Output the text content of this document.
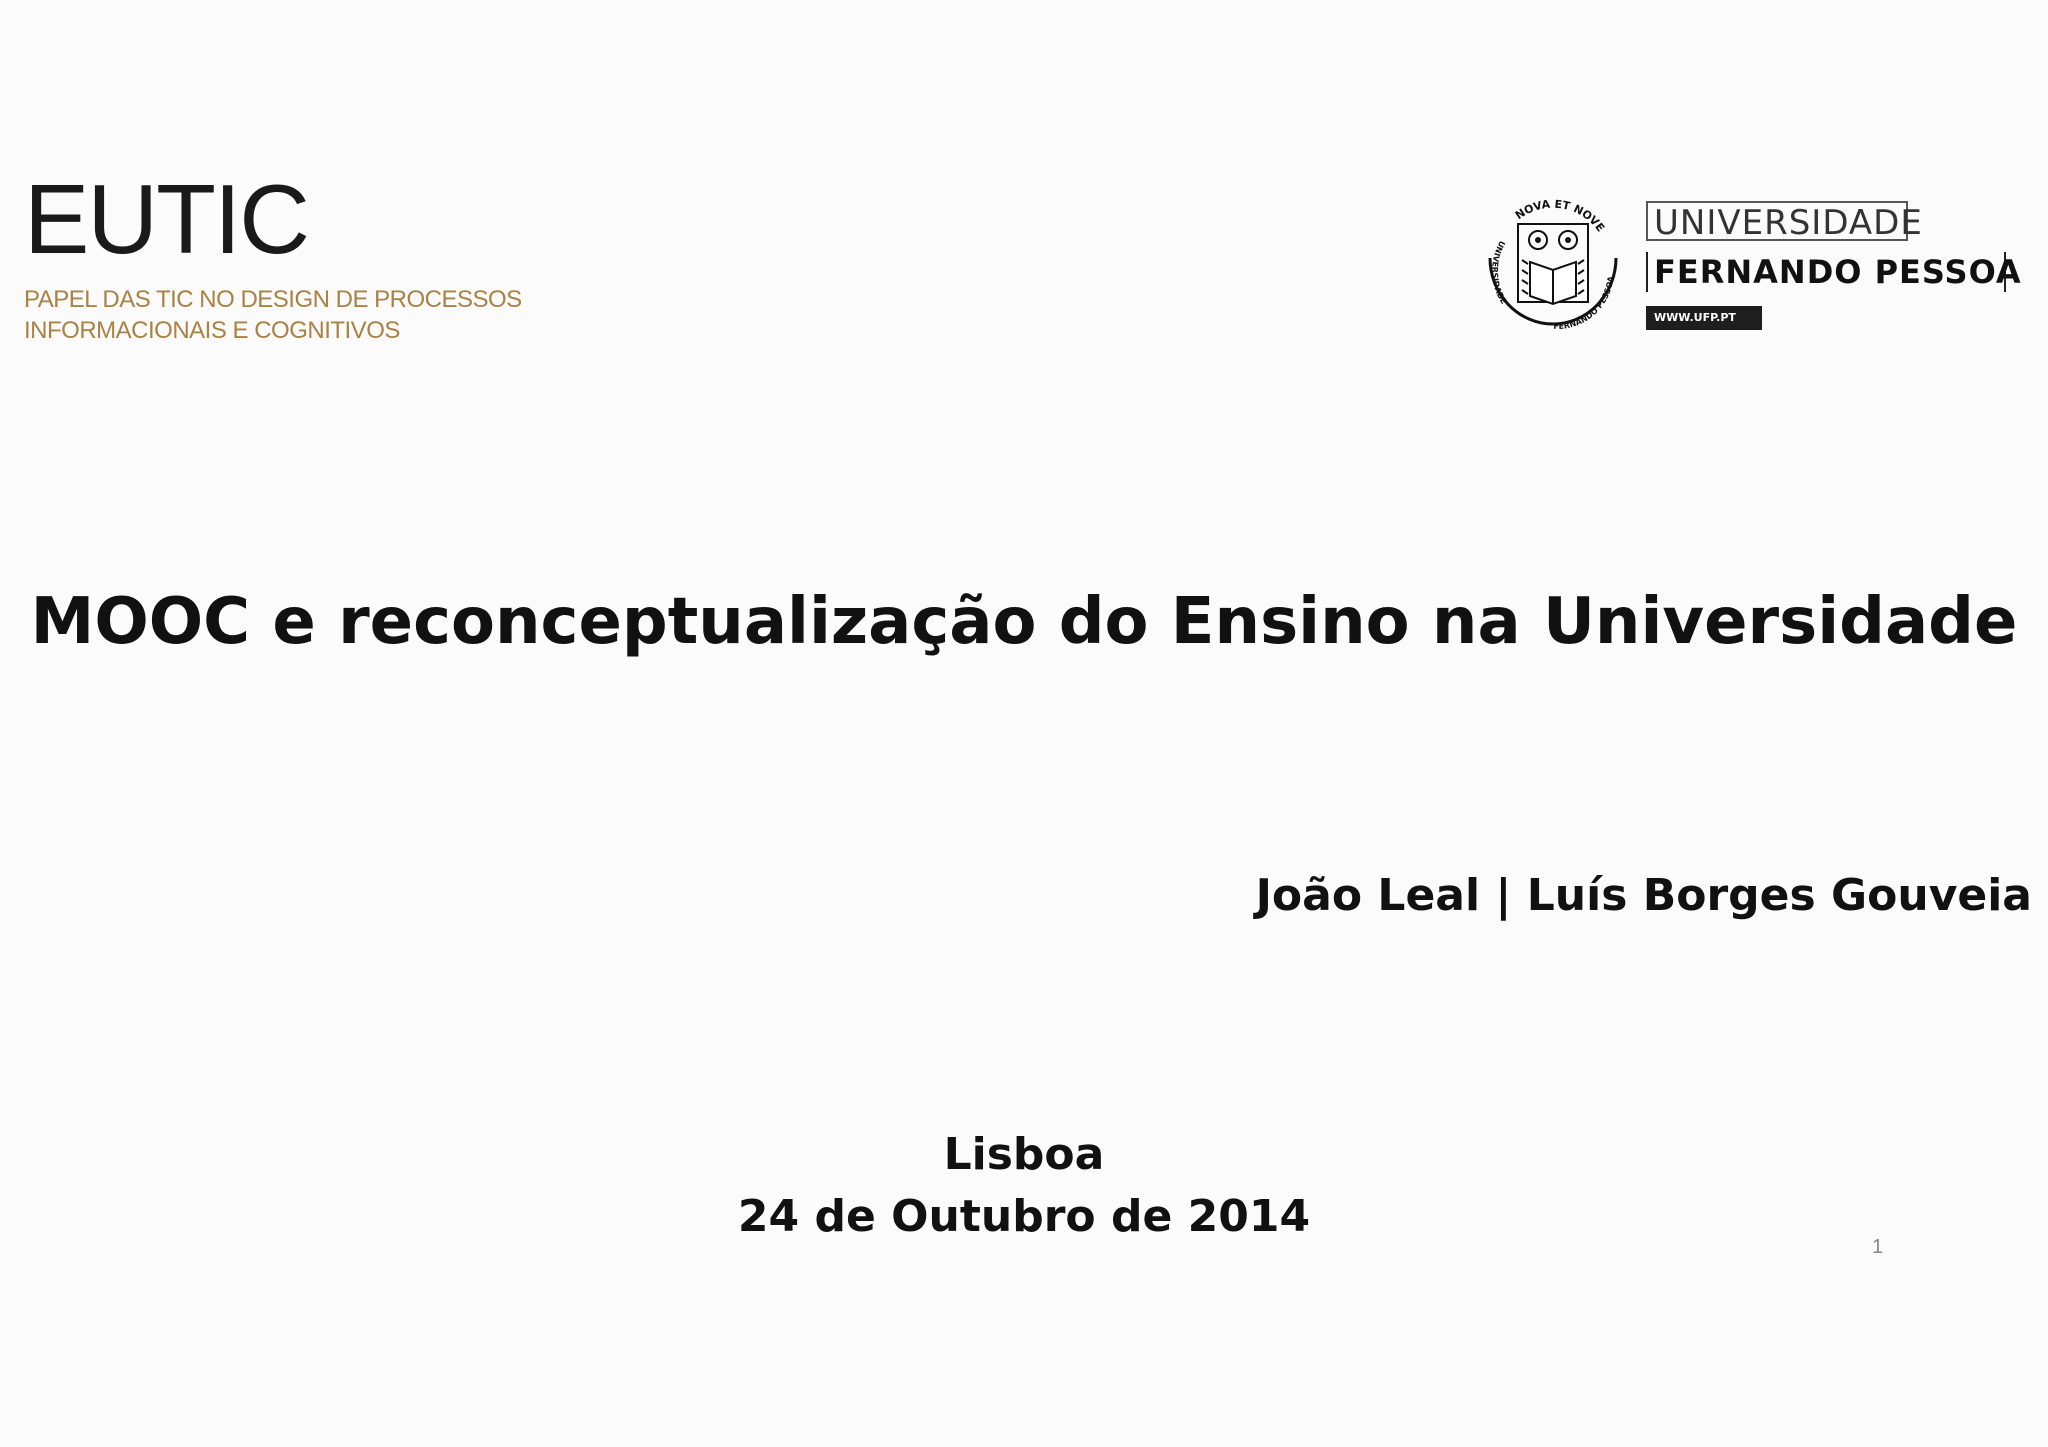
EUTIC
PAPEL DAS TIC NO DESIGN DE PROCESSOS
INFORMACIONAIS E COGNITIVOS
NOVA ET NOVE
UNIVERSIDADE
FERNANDO PESSOA
UNIVERSIDADE
FERNANDO PESSOA
WWW.UFP.PT
MOOC e reconceptualização do Ensino na Universidade
João Leal | Luís Borges Gouveia
Lisboa
24 de Outubro de 2014
1
